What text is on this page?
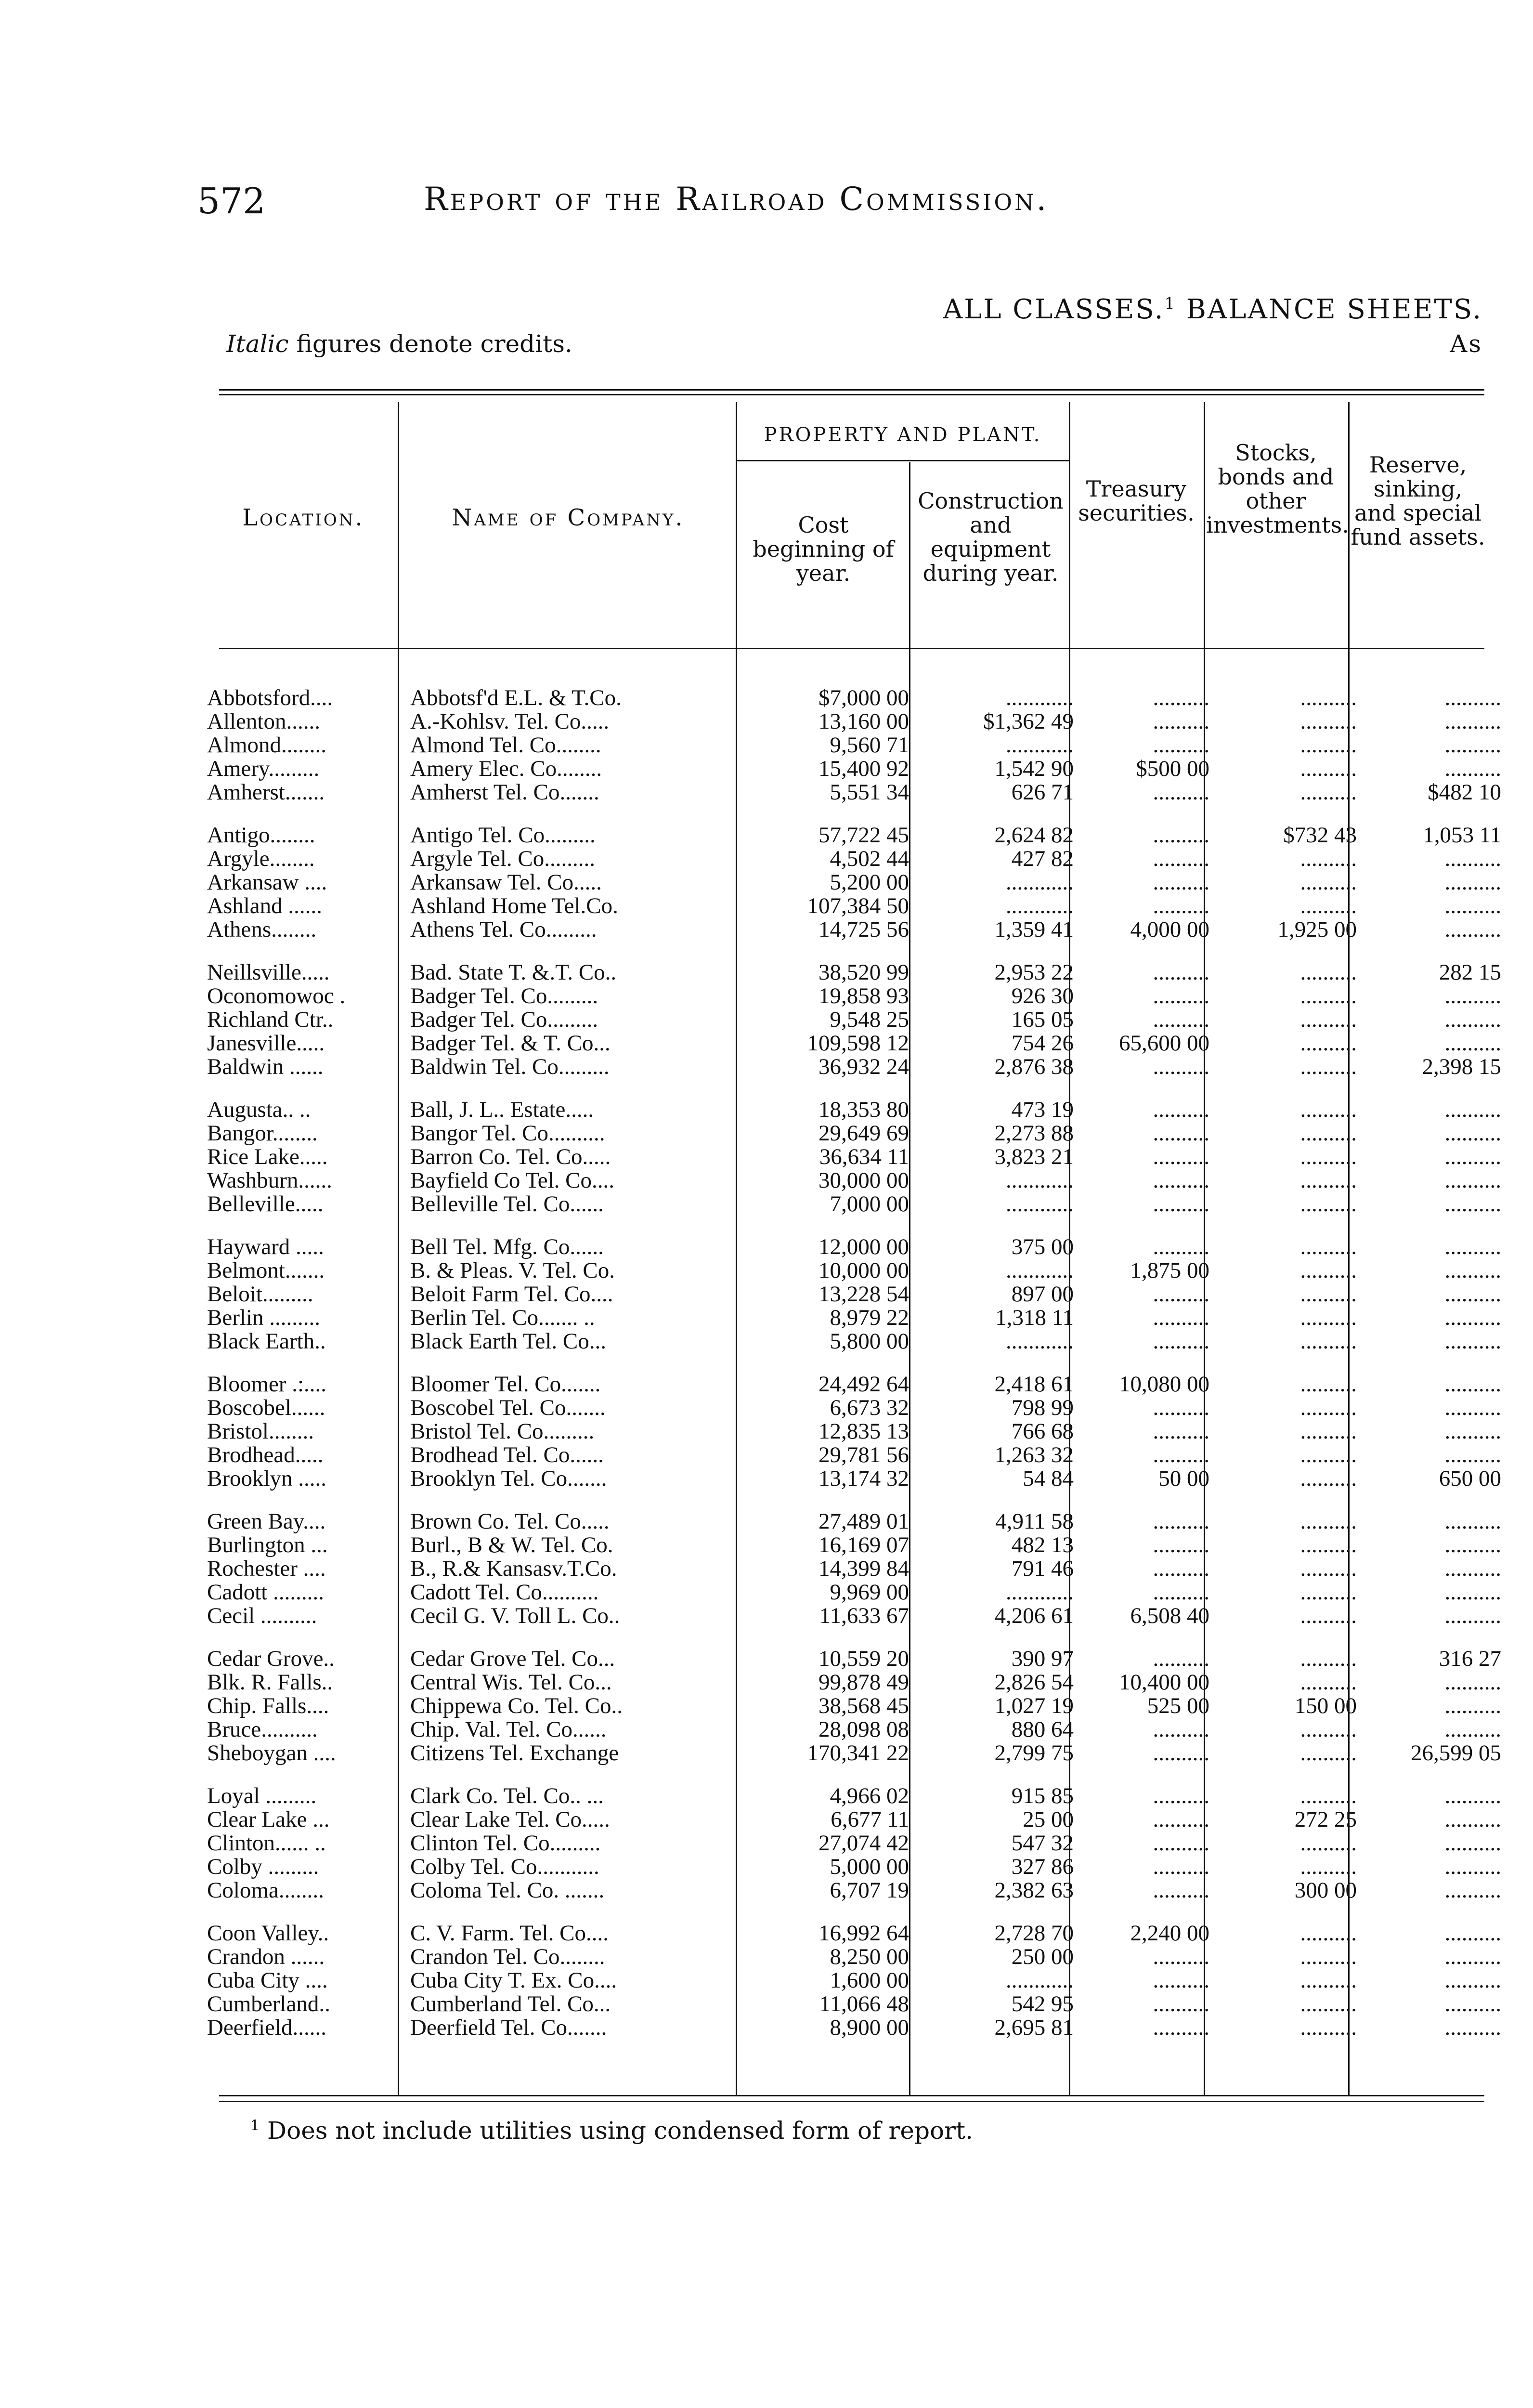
572	Report of the Railroad Commission.
ALL CLASSES.$^1$ BALANCE SHEETS.
Italic figures denote credits.	As
Location.	Name of Company.
PROPERTY AND PLANT.
Cost beginning of year.
Construction and equipment during year.
Treasury securities.
Stocks, bonds and other investments.
Reserve, sinking, and special fund assets.
Abbotsford....	Abbotsf'd E.L. & T.Co.	$7,000 00	............	..........	..........	..........
Allenton......	A.-Kohlsv. Tel. Co.....	13,160 00	$1,362 49	..........	..........	..........
Almond........	Almond Tel. Co........	9,560 71	............	..........	..........	..........
Amery.........	Amery Elec. Co........	15,400 92	1,542 90	$500 00	..........	..........
Amherst.......	Amherst Tel. Co.......	5,551 34	626 71	..........	..........	$482 10
Antigo........	Antigo Tel. Co.........	57,722 45	2,624 82	..........	$732 43	1,053 11
Argyle........	Argyle Tel. Co.........	4,502 44	427 82	..........	..........	..........
Arkansaw ....	Arkansaw Tel. Co.....	5,200 00	............	..........	..........	..........
Ashland ......	Ashland Home Tel.Co.	107,384 50	............	..........	..........	..........
Athens........	Athens Tel. Co.........	14,725 56	1,359 41	4,000 00	1,925 00	..........
Neillsville.....	Bad. State T. &.T. Co..	38,520 99	2,953 22	..........	..........	282 15
Oconomowoc .	Badger Tel. Co.........	19,858 93	926 30	..........	..........	..........
Richland Ctr..	Badger Tel. Co.........	9,548 25	165 05	..........	..........	..........
Janesville.....	Badger Tel. & T. Co...	109,598 12	754 26	65,600 00	..........	..........
Baldwin ......	Baldwin Tel. Co.........	36,932 24	2,876 38	..........	..........	2,398 15
Augusta.. ..	Ball, J. L.. Estate.....	18,353 80	473 19	..........	..........	..........
Bangor........	Bangor Tel. Co..........	29,649 69	2,273 88	..........	..........	..........
Rice Lake.....	Barron Co. Tel. Co.....	36,634 11	3,823 21	..........	..........	..........
Washburn......	Bayfield Co Tel. Co....	30,000 00	............	..........	..........	..........
Belleville.....	Belleville Tel. Co......	7,000 00	............	..........	..........	..........
Hayward .....	Bell Tel. Mfg. Co......	12,000 00	375 00	..........	..........	..........
Belmont.......	B. & Pleas. V. Tel. Co.	10,000 00	............	1,875 00	..........	..........
Beloit.........	Beloit Farm Tel. Co....	13,228 54	897 00	..........	..........	..........
Berlin .........	Berlin Tel. Co....... ..	8,979 22	1,318 11	..........	..........	..........
Black Earth..	Black Earth Tel. Co...	5,800 00	............	..........	..........	..........
Bloomer .:....	Bloomer Tel. Co.......	24,492 64	2,418 61	10,080 00	..........	..........
Boscobel......	Boscobel Tel. Co.......	6,673 32	798 99	..........	..........	..........
Bristol........	Bristol Tel. Co.........	12,835 13	766 68	..........	..........	..........
Brodhead.....	Brodhead Tel. Co......	29,781 56	1,263 32	..........	..........	..........
Brooklyn .....	Brooklyn Tel. Co.......	13,174 32	54 84	50 00	..........	650 00
Green Bay....	Brown Co. Tel. Co.....	27,489 01	4,911 58	..........	..........	..........
Burlington ...	Burl., B & W. Tel. Co.	16,169 07	482 13	..........	..........	..........
Rochester ....	B., R.& Kansasv.T.Co.	14,399 84	791 46	..........	..........	..........
Cadott .........	Cadott Tel. Co..........	9,969 00	............	..........	..........	..........
Cecil ..........	Cecil G. V. Toll L. Co..	11,633 67	4,206 61	6,508 40	..........	..........
Cedar Grove..	Cedar Grove Tel. Co...	10,559 20	390 97	..........	..........	316 27
Blk. R. Falls..	Central Wis. Tel. Co...	99,878 49	2,826 54	10,400 00	..........	..........
Chip. Falls....	Chippewa Co. Tel. Co..	38,568 45	1,027 19	525 00	150 00	..........
Bruce..........	Chip. Val. Tel. Co......	28,098 08	880 64	..........	..........	..........
Sheboygan ....	Citizens Tel. Exchange	170,341 22	2,799 75	..........	..........	26,599 05
Loyal .........	Clark Co. Tel. Co.. ...	4,966 02	915 85	..........	..........	..........
Clear Lake ...	Clear Lake Tel. Co.....	6,677 11	25 00	..........	272 25	..........
Clinton...... ..	Clinton Tel. Co.........	27,074 42	547 32	..........	..........	..........
Colby .........	Colby Tel. Co...........	5,000 00	327 86	..........	..........	..........
Coloma........	Coloma Tel. Co. .......	6,707 19	2,382 63	..........	300 00	..........
Coon Valley..	C. V. Farm. Tel. Co....	16,992 64	2,728 70	2,240 00	..........	..........
Crandon ......	Crandon Tel. Co........	8,250 00	250 00	..........	..........	..........
Cuba City ....	Cuba City T. Ex. Co....	1,600 00	............	..........	..........	..........
Cumberland..	Cumberland Tel. Co...	11,066 48	542 95	..........	..........	..........
Deerfield......	Deerfield Tel. Co.......	8,900 00	2,695 81	..........	..........	..........
$^1$ Does not include utilities using condensed form of report.
